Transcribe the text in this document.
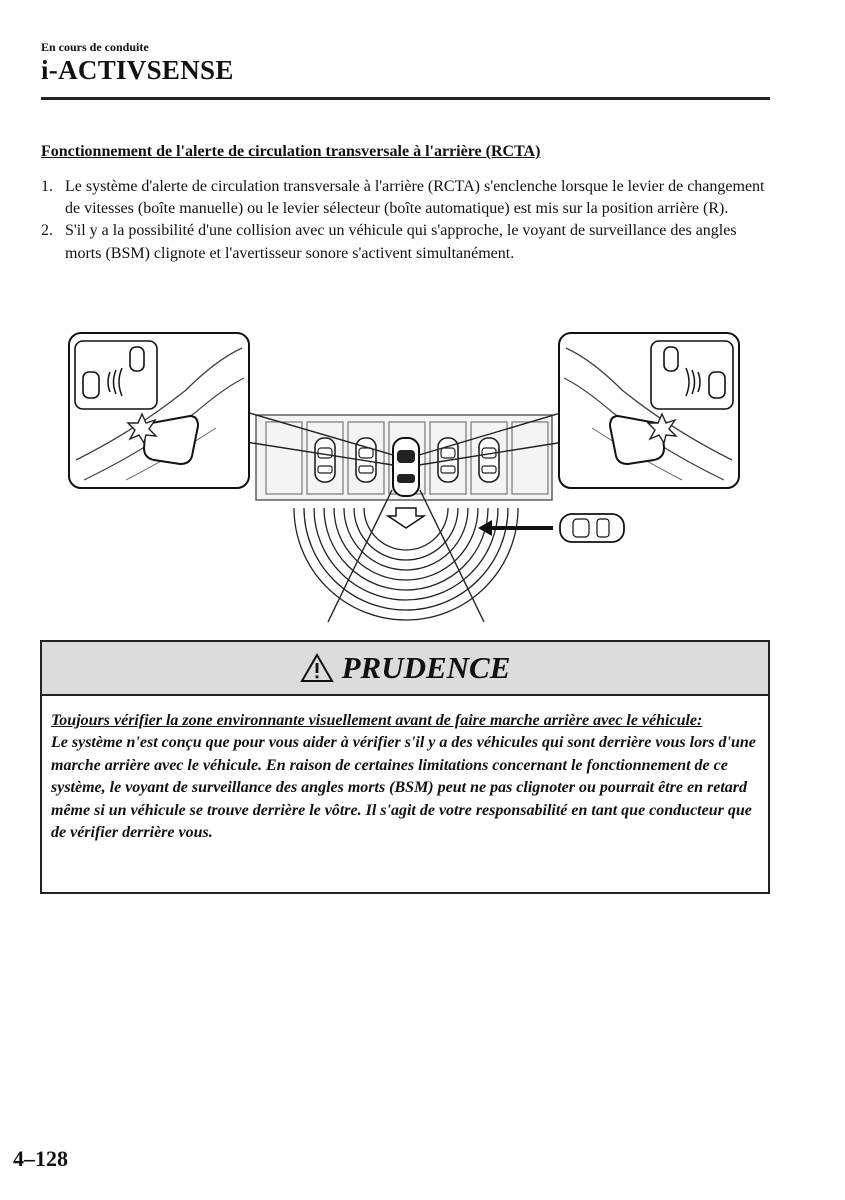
En cours de conduite
i-ACTIVSENSE
Fonctionnement de l'alerte de circulation transversale à l'arrière (RCTA)
1. Le système d'alerte de circulation transversale à l'arrière (RCTA) s'enclenche lorsque le levier de changement de vitesses (boîte manuelle) ou le levier sélecteur (boîte automatique) est mis sur la position arrière (R).
2. S'il y a la possibilité d'une collision avec un véhicule qui s'approche, le voyant de surveillance des angles morts (BSM) clignote et l'avertisseur sonore s'activent simultanément.
PRUDENCE
Toujours vérifier la zone environnante visuellement avant de faire marche arrière avec le véhicule:
Le système n'est conçu que pour vous aider à vérifier s'il y a des véhicules qui sont derrière vous lors d'une marche arrière avec le véhicule. En raison de certaines limitations concernant le fonctionnement de ce système, le voyant de surveillance des angles morts (BSM) peut ne pas clignoter ou pourrait être en retard même si un véhicule se trouve derrière le vôtre. Il s'agit de votre responsabilité en tant que conducteur que de vérifier derrière vous.
4–128
